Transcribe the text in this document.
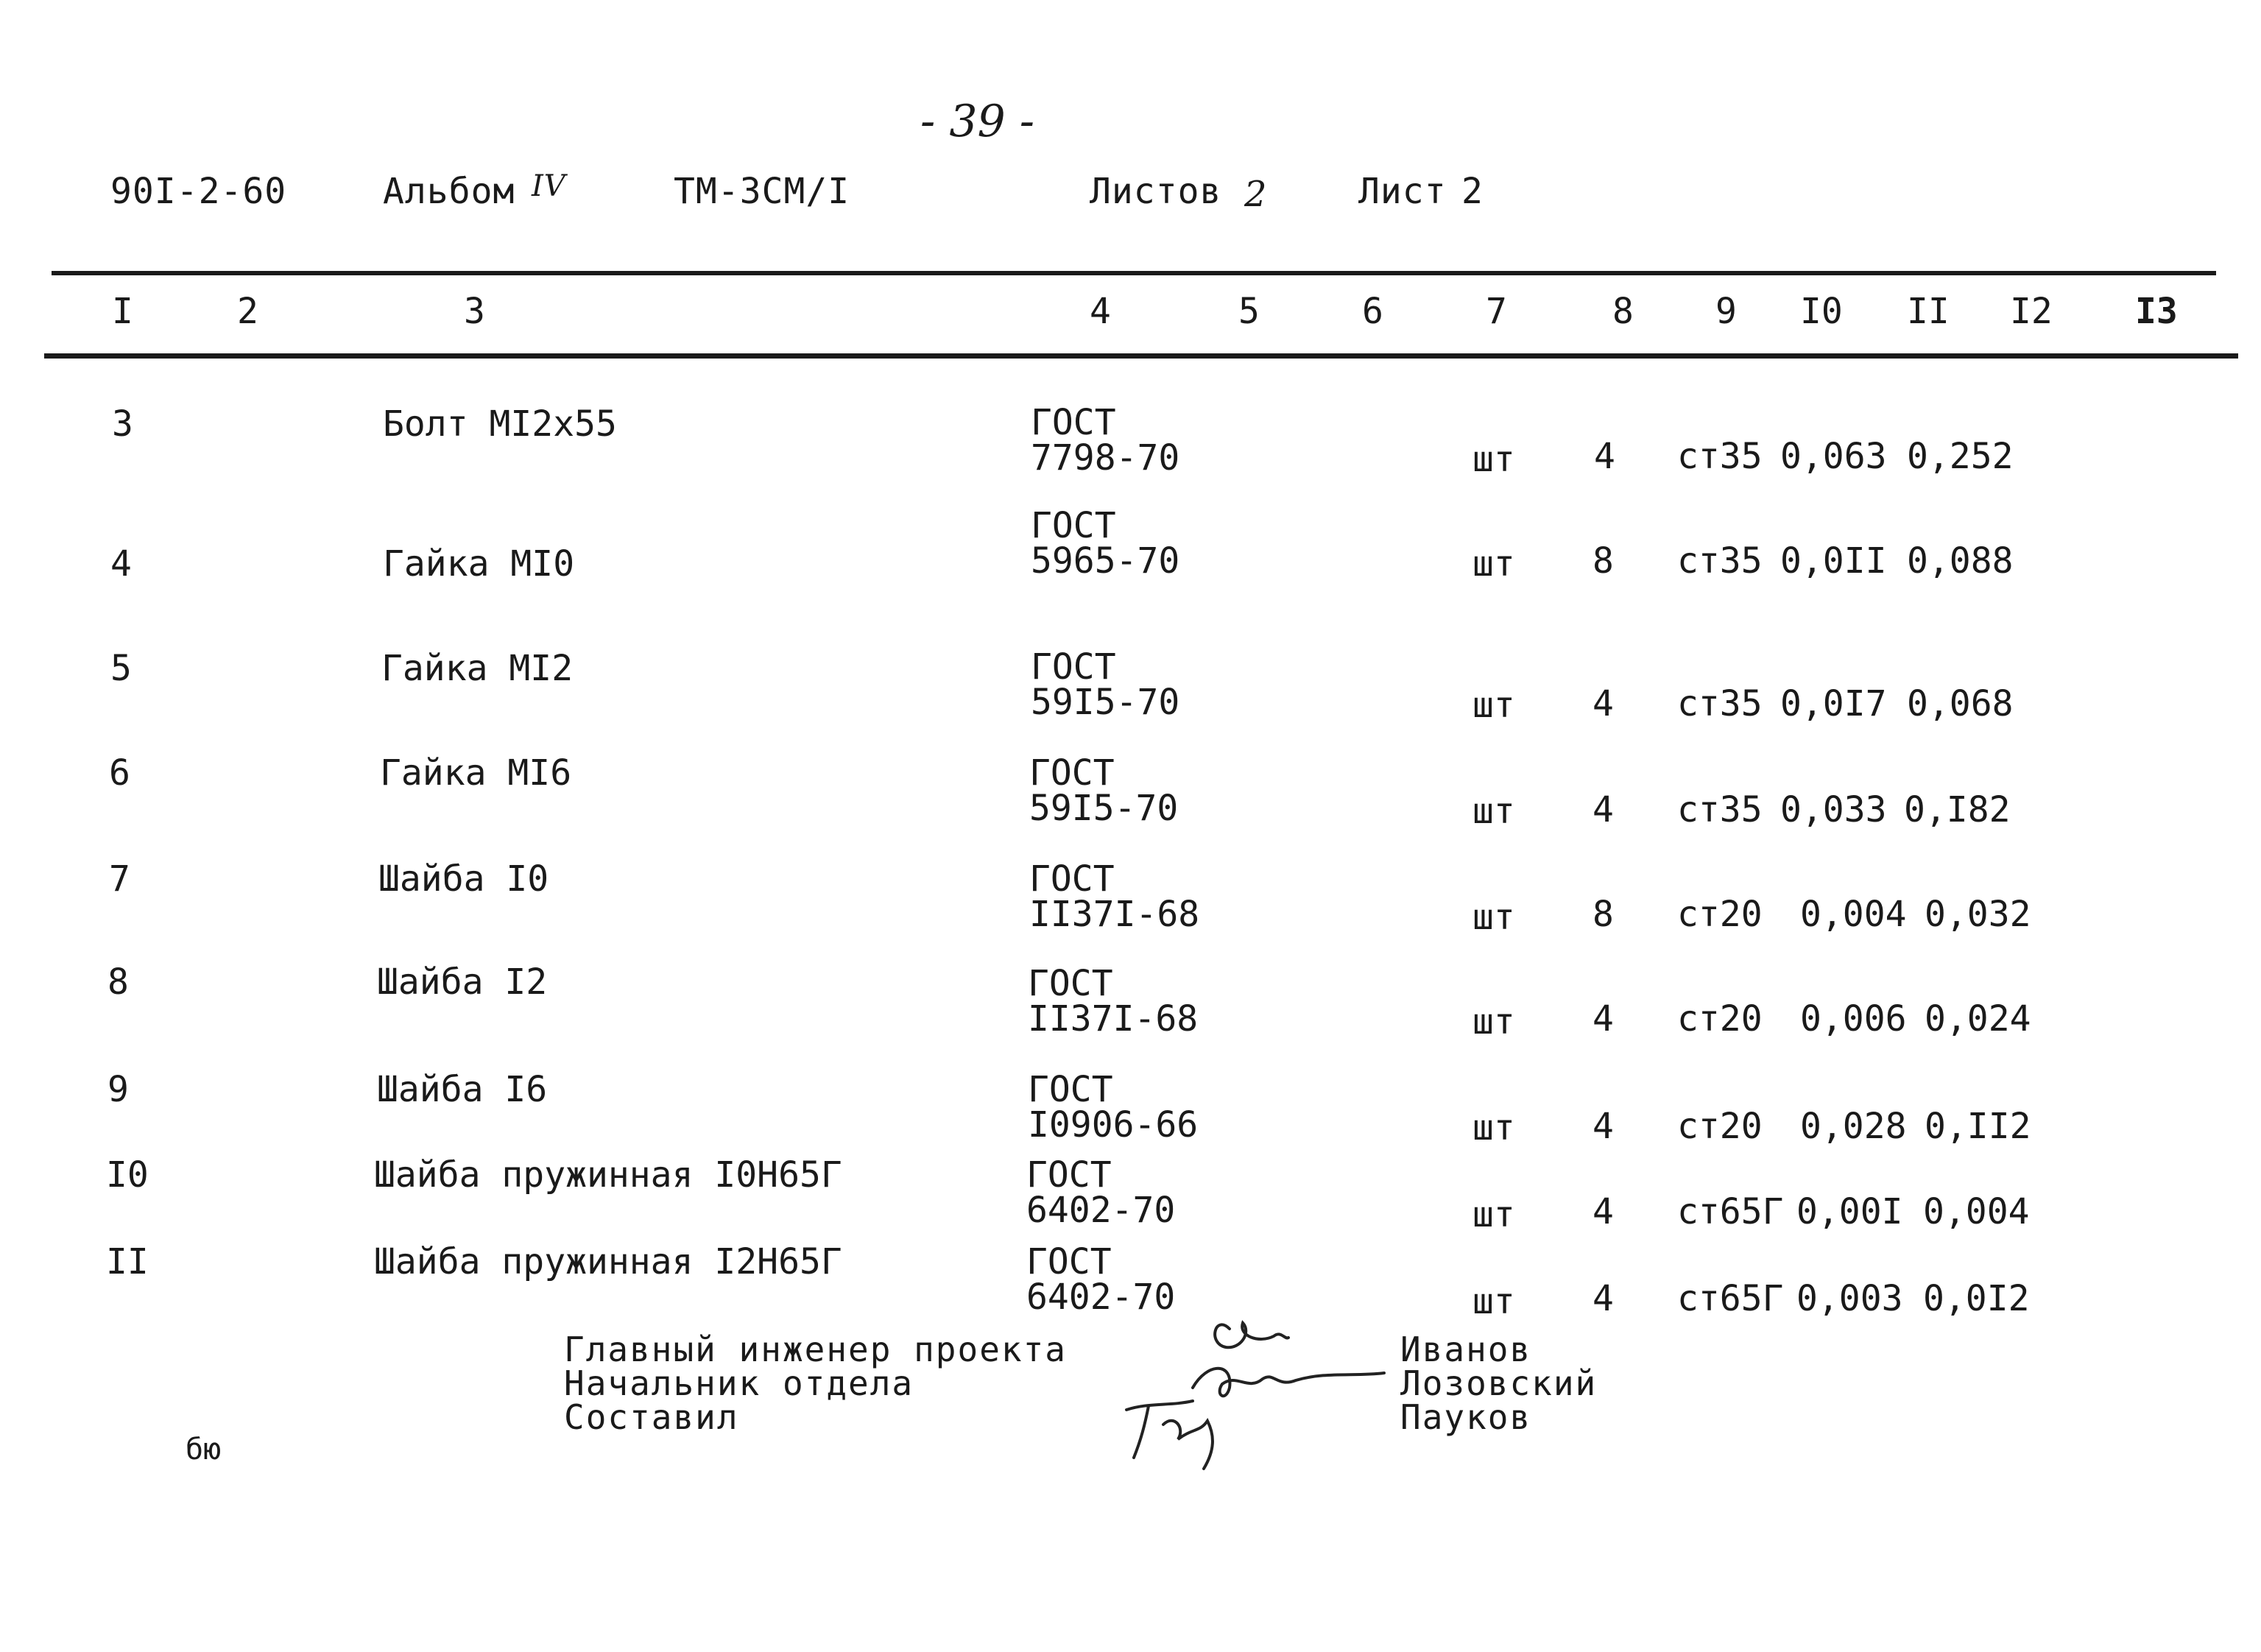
- 39 -
90I-2-60	Альбом IV	ТМ-3СМ/I	Листов 2	Лист 2
I	2	3	4	5	6	7	8 9 I0 II I2 I3
3	Болт МI2х55	ГОСТ
7798-70	шт 4 ст35 0,063 0,252
4	Гайка МI0
ГОСТ
5965-70	шт 8 ст35 0,0II 0,088
5	Гайка МI2	ГОСТ
59I5-70	шт 4 ст35 0,0I7 0,068
6	Гайка МI6	ГОСТ
59I5-70	шт 4 ст35 0,033 0,I82
7	Шайба I0	ГОСТ
II37I-68	шт 8 ст20 0,004 0,032
8	Шайба I2	ГОСТ
II37I-68	шт 4 ст20 0,006 0,024
9	Шайба I6	ГОСТ
I0906-66	шт 4 ст20 0,028 0,II2
I0	Шайба пружинная I0Н65Г	ГОСТ
6402-70	шт 4 ст65Г 0,00I 0,004
II	Шайба пружинная I2Н65Г	ГОСТ
6402-70	шт 4 ст65Г 0,003 0,0I2
Главный инженер проекта
Начальник отдела
Составил
Иванов
Лозовский
Пауков
бю
